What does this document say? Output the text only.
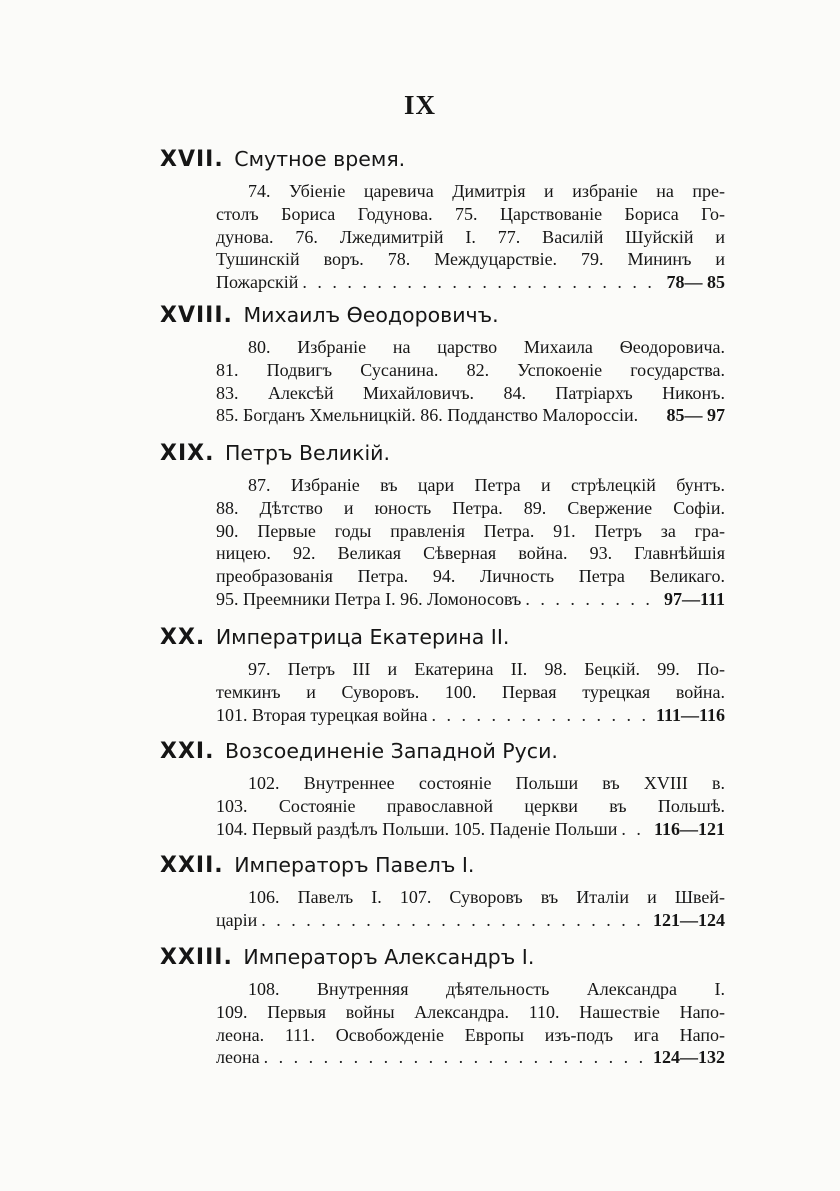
IX
XVII. Смутное время.
74. Убіеніе царевича Димитрія и избраніе на пре-
столъ Бориса Годунова. 75. Царствованіе Бориса Го-
дунова. 76. Лжедимитрій I. 77. Василій Шуйскій и
Тушинскій воръ. 78. Междуцарствіе. 79. Мининъ и
Пожарскій . . .	78— 85
XVIII. Михаилъ Ѳеодоровичъ.
80. Избраніе на царство Михаила Ѳеодоровича.
81. Подвигъ Сусанина. 82. Успокоеніе государства.
83. Алексѣй Михайловичъ. 84. Патріархъ Никонъ.
85. Богданъ Хмельницкій. 86. Подданство Малороссіи. 85— 97
XIX. Петръ Великій.
87. Избраніе въ цари Петра и стрѣлецкій бунтъ.
88. Дѣтство и юность Петра. 89. Свержение Софіи.
90. Первые годы правленія Петра. 91. Петръ за гра-
ницею. 92. Великая Сѣверная война. 93. Главнѣйшія
преобразованія Петра. 94. Личность Петра Великаго.
95. Преемники Петра I. 96. Ломоносовъ . . .	97—111
XX. Императрица Екатерина II.
97. Петръ III и Екатерина II. 98. Бецкій. 99. По-
темкинъ и Суворовъ. 100. Первая турецкая война.
101. Вторая турецкая война . . .	111—116
XXI. Возсоединеніе Западной Руси.
102. Внутреннее состояніе Польши въ XVIII в.
103. Состояніе православной церкви въ Польшѣ.
104. Первый раздѣлъ Польши. 105. Паденіе Польши . . . 116—121
XXII. Императоръ Павелъ I.
106. Павелъ I. 107. Суворовъ въ Италіи и Швей-
царіи . . .	121—124
XXIII. Императоръ Александръ I.
108. Внутренняя дѣятельность Александра I.
109. Первыя войны Александра. 110. Нашествіе Напо-
леона. 111. Освобожденіе Европы изъ-подъ ига Напо-
леона . . .	124—132
